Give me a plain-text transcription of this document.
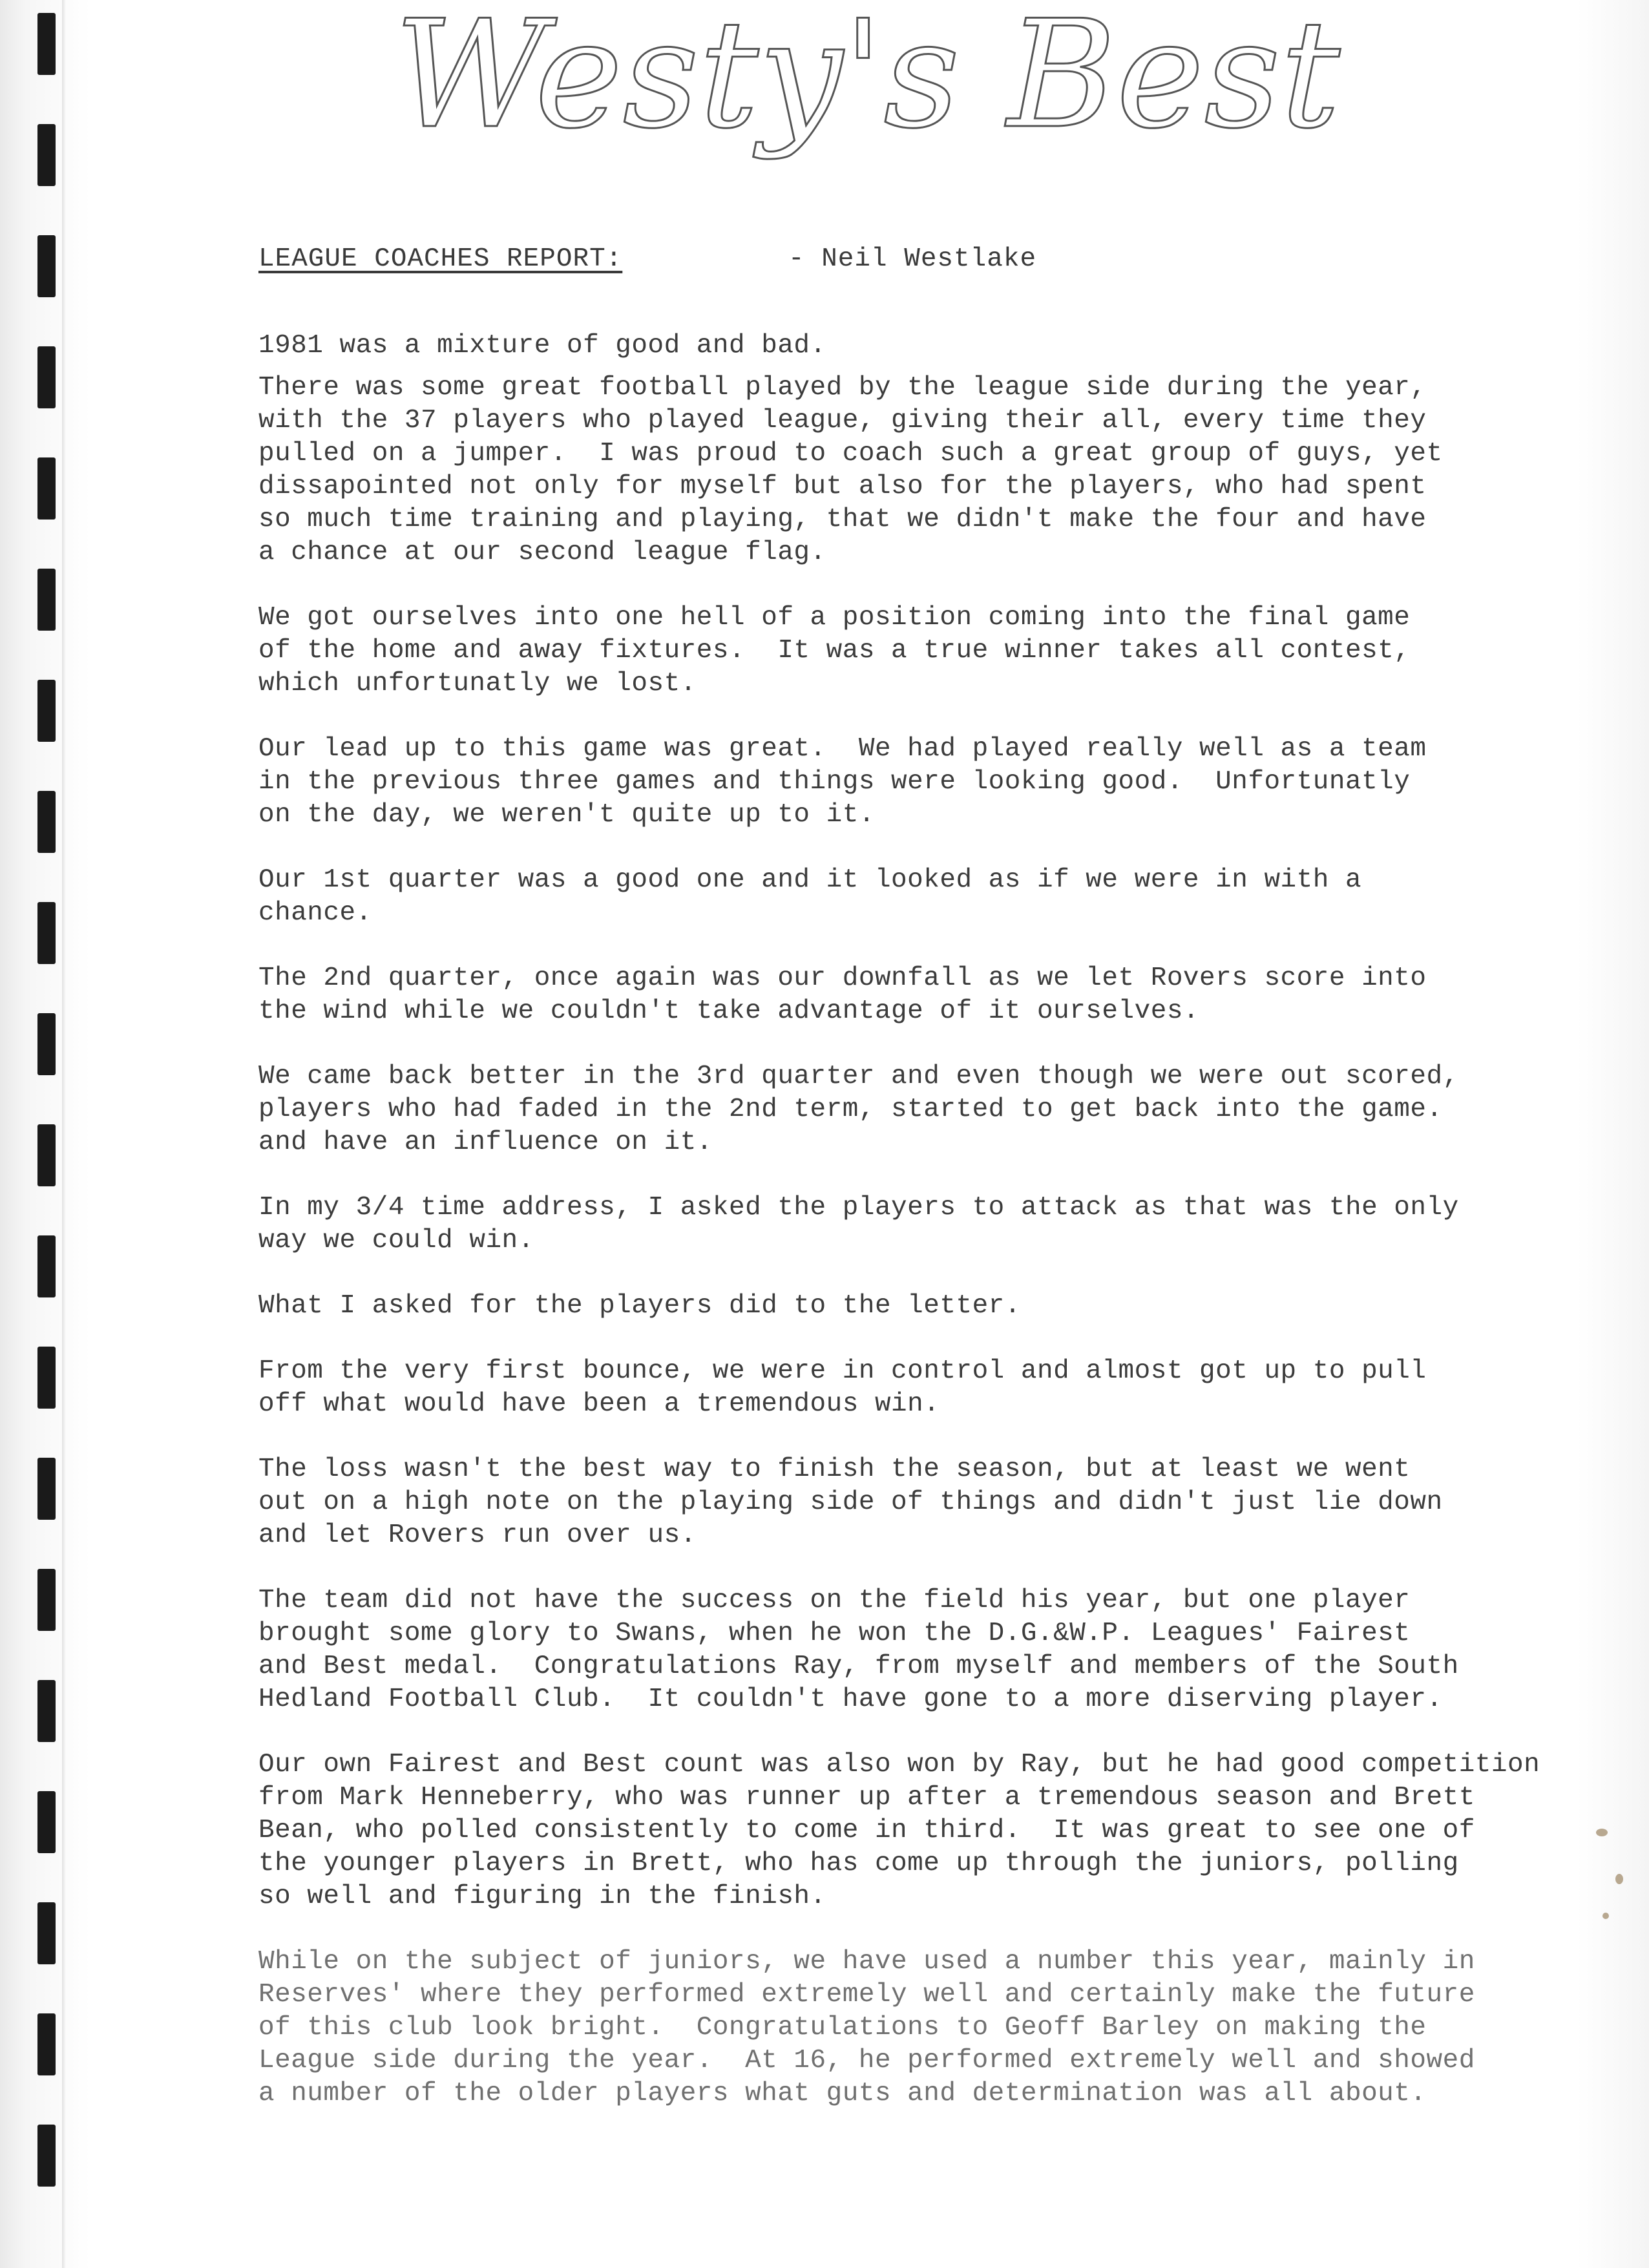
Westy's Best
LEAGUE COACHES REPORT:	- Neil Westlake

1981 was a mixture of good and bad.

There was some great football played by the league side during the year,
with the 37 players who played league, giving their all, every time they
pulled on a jumper.  I was proud to coach such a great group of guys, yet
dissapointed not only for myself but also for the players, who had spent
so much time training and playing, that we didn't make the four and have
a chance at our second league flag.

We got ourselves into one hell of a position coming into the final game
of the home and away fixtures.  It was a true winner takes all contest,
which unfortunatly we lost.

Our lead up to this game was great.  We had played really well as a team
in the previous three games and things were looking good.  Unfortunatly
on the day, we weren't quite up to it.

Our 1st quarter was a good one and it looked as if we were in with a
chance.

The 2nd quarter, once again was our downfall as we let Rovers score into
the wind while we couldn't take advantage of it ourselves.

We came back better in the 3rd quarter and even though we were out scored,
players who had faded in the 2nd term, started to get back into the game.
and have an influence on it.

In my 3/4 time address, I asked the players to attack as that was the only
way we could win.

What I asked for the players did to the letter.

From the very first bounce, we were in control and almost got up to pull
off what would have been a tremendous win.

The loss wasn't the best way to finish the season, but at least we went
out on a high note on the playing side of things and didn't just lie down
and let Rovers run over us.

The team did not have the success on the field his year, but one player
brought some glory to Swans, when he won the D.G.&W.P. Leagues' Fairest
and Best medal.  Congratulations Ray, from myself and members of the South
Hedland Football Club.  It couldn't have gone to a more diserving player.

Our own Fairest and Best count was also won by Ray, but he had good competition
from Mark Henneberry, who was runner up after a tremendous season and Brett
Bean, who polled consistently to come in third.  It was great to see one of
the younger players in Brett, who has come up through the juniors, polling
so well and figuring in the finish.

While on the subject of juniors, we have used a number this year, mainly in
Reserves' where they performed extremely well and certainly make the future
of this club look bright.  Congratulations to Geoff Barley on making the
League side during the year.  At 16, he performed extremely well and showed
a number of the older players what guts and determination was all about.
